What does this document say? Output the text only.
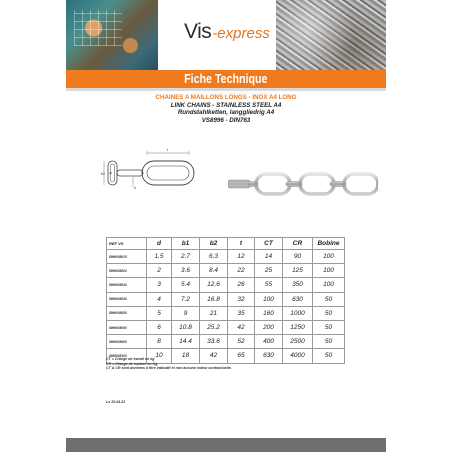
Vis-express
Fiche Technique
CHAINES A MAILLONS LONGS - INOX A4 LONG
LINK CHAINS - STAINLESS STEEL A4
Rundstahlketten, langgliedrig A4
VS8996 - DIN763
b2 b1
d
t
REF VS	d	b1	b2	t	CT	CR	Bobine
8996008015	1.5	2.7	6.3	12	14	90	100
8996008020	2	3.6	8.4	22	25	125	100
8996008030	3	5.4	12.6	26	55	350	100
8996008040	4	7.2	16.8	32	100	630	50
8996008050	5	9	21	35	160	1000	50
8996008060	6	10.8	25.2	42	200	1250	50
8996008080	8	14.4	33.6	52	400	2500	50
8996008100	10	18	42	65	630	4000	50
CT = Charge de travail en kg
CR = Charge de rupture en Kg
CT & CR sont données à titre indicatif et non aucune valeur contractuelle.
Le 20.04.22
